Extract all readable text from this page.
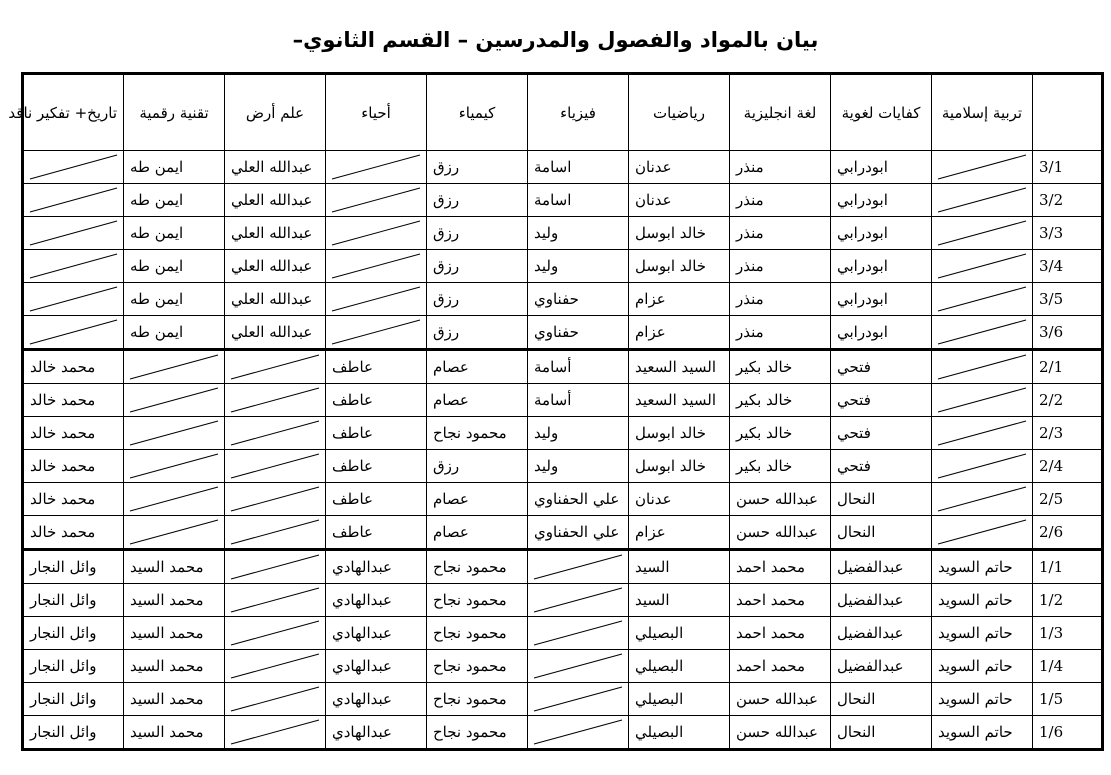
بيان بالمواد والفصول والمدرسين – القسم الثانوي–
	تربية إسلامية	كفايات لغوية	لغة انجليزية	رياضيات	فيزياء	كيمياء	أحياء	علم أرض	تقنية رقمية	تاريخ+ تفكير ناقد
3/1		ابودرابي	منذر	عدنان	اسامة	رزق		عبدالله العلي	ايمن طه	

3/2		ابودرابي	منذر	عدنان	اسامة	رزق		عبدالله العلي	ايمن طه	

3/3		ابودرابي	منذر	خالد ابوسل	وليد	رزق		عبدالله العلي	ايمن طه	

3/4		ابودرابي	منذر	خالد ابوسل	وليد	رزق		عبدالله العلي	ايمن طه	

3/5		ابودرابي	منذر	عزام	حفناوي	رزق		عبدالله العلي	ايمن طه	

3/6		ابودرابي	منذر	عزام	حفناوي	رزق		عبدالله العلي	ايمن طه	

2/1		فتحي	خالد بكير	السيد السعيد	أسامة	عصام	عاطف			محمد خالد
2/2		فتحي	خالد بكير	السيد السعيد	أسامة	عصام	عاطف			محمد خالد
2/3		فتحي	خالد بكير	خالد ابوسل	وليد	محمود نجاح	عاطف			محمد خالد
2/4		فتحي	خالد بكير	خالد ابوسل	وليد	رزق	عاطف			محمد خالد
2/5		النحال	عبدالله حسن	عدنان	علي الحفناوي	عصام	عاطف			محمد خالد
2/6		النحال	عبدالله حسن	عزام	علي الحفناوي	عصام	عاطف			محمد خالد
1/1	حاتم السويد	عبدالفضيل	محمد احمد	السيد		محمود نجاح	عبدالهادي		محمد السيد	وائل النجار
1/2	حاتم السويد	عبدالفضيل	محمد احمد	السيد		محمود نجاح	عبدالهادي		محمد السيد	وائل النجار
1/3	حاتم السويد	عبدالفضيل	محمد احمد	البصيلي		محمود نجاح	عبدالهادي		محمد السيد	وائل النجار
1/4	حاتم السويد	عبدالفضيل	محمد احمد	البصيلي		محمود نجاح	عبدالهادي		محمد السيد	وائل النجار
1/5	حاتم السويد	النحال	عبدالله حسن	البصيلي		محمود نجاح	عبدالهادي		محمد السيد	وائل النجار
1/6	حاتم السويد	النحال	عبدالله حسن	البصيلي		محمود نجاح	عبدالهادي		محمد السيد	وائل النجار
